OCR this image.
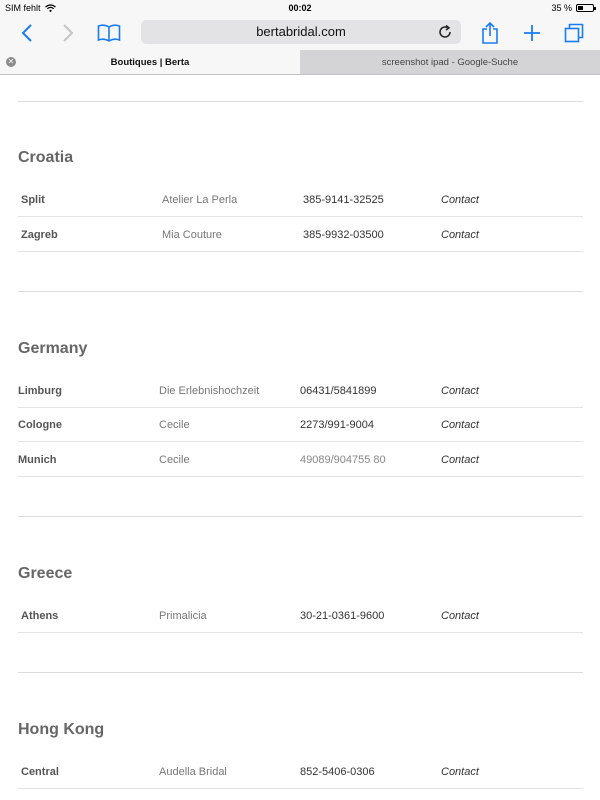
SIM fehlt	00:02	35 %
bertabridal.com
✕	Boutiques | Berta	screenshot ipad - Google-Suche
Croatia
Split	Atelier La Perla	385-9141-32525	Contact
Zagreb	Mia Couture	385-9932-03500	Contact
Germany
Limburg	Die Erlebnishochzeit	06431/5841899	Contact
Cologne	Cecile	2273/991-9004	Contact
Munich	Cecile	49089/904755 80	Contact
Greece
Athens	Primalicia	30-21-0361-9600	Contact
Hong Kong
Central	Audella Bridal	852-5406-0306	Contact
